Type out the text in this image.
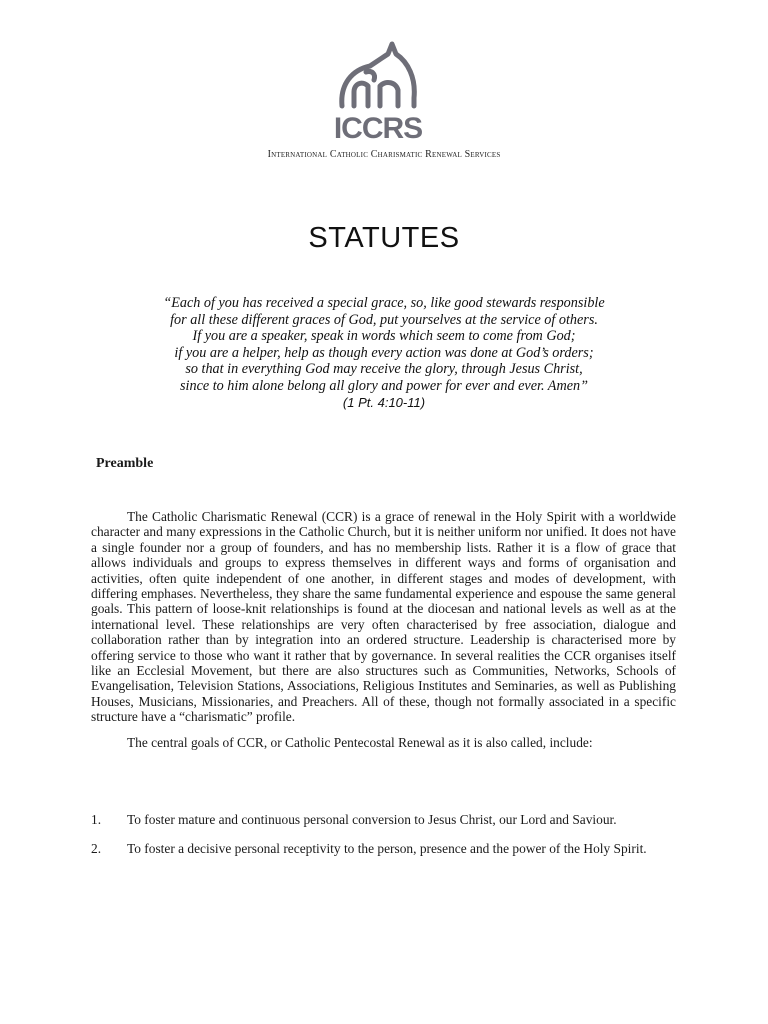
ICCRS
International Catholic Charismatic Renewal Services
STATUTES
“Each of you has received a special grace, so, like good stewards responsible
for all these different graces of God, put yourselves at the service of others.
If you are a speaker, speak in words which seem to come from God;
if you are a helper, help as though every action was done at God’s orders;
so that in everything God may receive the glory, through Jesus Christ,
since to him alone belong all glory and power for ever and ever. Amen”
(1 Pt. 4:10-11)
Preamble

The Catholic Charismatic Renewal (CCR) is a grace of renewal in the Holy Spirit with a worldwide character and many expressions in the Catholic Church, but it is neither uniform nor unified. It does not have a single founder nor a group of founders, and has no membership lists. Rather it is a flow of grace that allows individuals and groups to express themselves in different ways and forms of organisation and activities, often quite independent of one another, in different stages and modes of development, with differing emphases. Nevertheless, they share the same fundamental experience and espouse the same general goals. This pattern of loose-knit relationships is found at the diocesan and national levels as well as at the international level. These relationships are very often characterised by free association, dialogue and collaboration rather than by integration into an ordered structure. Leadership is characterised more by offering service to those who want it rather that by governance. In several realities the CCR organises itself like an Ecclesial Movement, but there are also structures such as Communities, Networks, Schools of Evangelisation, Television Stations, Associations, Religious Institutes and Seminaries, as well as Publishing Houses, Musicians, Missionaries, and Preachers. All of these, though not formally associated in a specific structure have a “charismatic” profile.

The central goals of CCR, or Catholic Pentecostal Renewal as it is also called, include:

1. To foster mature and continuous personal conversion to Jesus Christ, our Lord and Saviour.
2. To foster a decisive personal receptivity to the person, presence and the power of the Holy Spirit.
